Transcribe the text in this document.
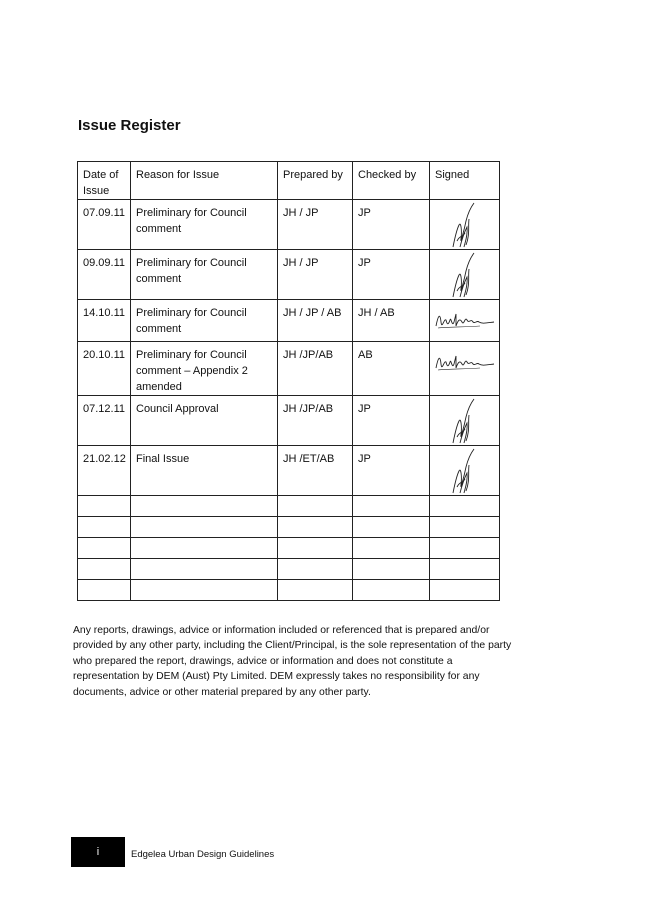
Issue Register
Date of Issue	Reason for Issue	Prepared by	Checked by	Signed
07.09.11	Preliminary for Council comment	JH / JP	JP	

09.09.11	Preliminary for Council comment	JH / JP	JP	

14.10.11	Preliminary for Council comment	JH / JP / AB	JH / AB	

20.10.11	Preliminary for Council comment – Appendix 2 amended	JH /JP/AB	AB	

07.12.11	Council Approval	JH /JP/AB	JP	

21.02.12	Final Issue	JH /ET/AB	JP	

Any reports, drawings, advice or information included or referenced that is prepared and/or provided by any other party, including the Client/Principal, is the sole representation of the party who prepared the report, drawings, advice or information and does not constitute a representation by DEM (Aust) Pty Limited. DEM expressly takes no responsibility for any documents, advice or other material prepared by any other party.

i	Edgelea Urban Design Guidelines
